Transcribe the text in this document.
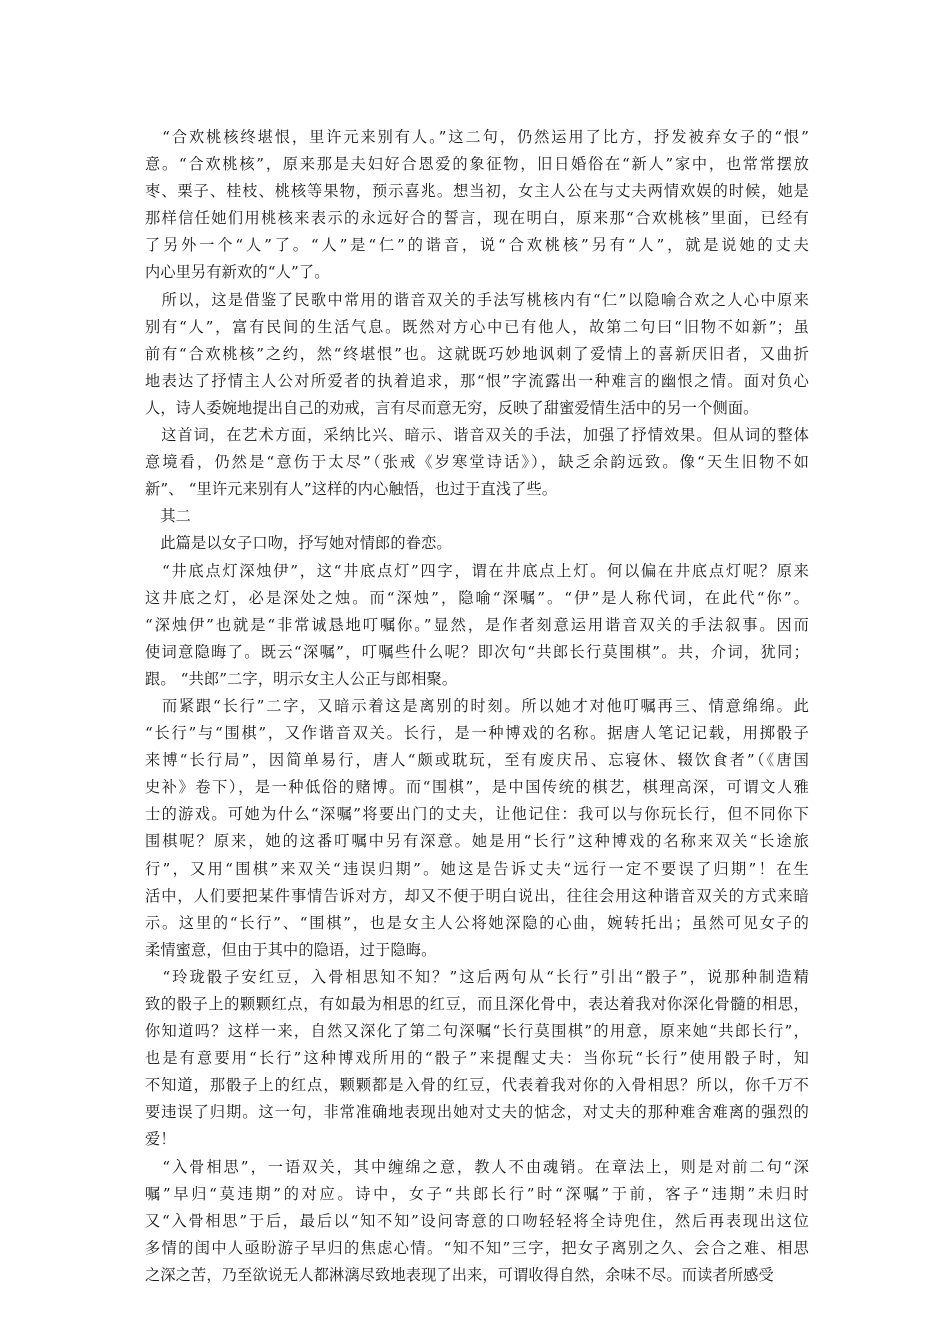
　“合欢桃核终堪恨，里许元来别有人。”这二句，仍然运用了比方，抒发被弃女子的“恨”
意。“合欢桃核”，原来那是夫妇好合恩爱的象征物，旧日婚俗在“新人”家中，也常常摆放
枣、栗子、桂枝、桃核等果物，预示喜兆。想当初，女主人公在与丈夫两情欢娱的时候，她是
那样信任她们用桃核来表示的永远好合的誓言，现在明白，原来那“合欢桃核”里面，已经有
了另外一个“人”了。“人”是“仁”的谐音，说“合欢桃核”另有“人”，就是说她的丈夫
内心里另有新欢的“人”了。
　所以，这是借鉴了民歌中常用的谐音双关的手法写桃核内有“仁”以隐喻合欢之人心中原来
别有“人”，富有民间的生活气息。既然对方心中已有他人，故第二句曰“旧物不如新”；虽
前有“合欢桃核”之约，然“终堪恨”也。这就既巧妙地讽刺了爱情上的喜新厌旧者，又曲折
地表达了抒情主人公对所爱者的执着追求，那“恨”字流露出一种难言的幽恨之情。面对负心
人，诗人委婉地提出自己的劝戒，言有尽而意无穷，反映了甜蜜爱情生活中的另一个侧面。
　这首词，在艺术方面，采纳比兴、暗示、谐音双关的手法，加强了抒情效果。但从词的整体
意境看，仍然是“意伤于太尽”（张戒《岁寒堂诗话》），缺乏余韵远致。像“天生旧物不如
新”、 “里许元来别有人”这样的内心触悟，也过于直浅了些。
　其二
　此篇是以女子口吻，抒写她对情郎的眷恋。
　“井底点灯深烛伊”，这“井底点灯”四字，谓在井底点上灯。何以偏在井底点灯呢？原来
这井底之灯，必是深处之烛。而“深烛”，隐喻“深嘱”。“伊”是人称代词，在此代“你”。
“深烛伊”也就是“非常诚恳地叮嘱你。”显然，是作者刻意运用谐音双关的手法叙事。因而
使词意隐晦了。既云“深嘱”，叮嘱些什么呢？即次句“共郎长行莫围棋”。共，介词，犹同；
跟。 “共郎”二字，明示女主人公正与郎相聚。
　而紧跟“长行”二字，又暗示着这是离别的时刻。所以她才对他叮嘱再三、情意绵绵。此
“长行”与“围棋”，又作谐音双关。长行，是一种博戏的名称。据唐人笔记记载，用掷骰子
来博“长行局”，因简单易行，唐人“颇或耽玩，至有废庆吊、忘寝休、辍饮食者”（《唐国
史补》卷下），是一种低俗的赌博。而“围棋”，是中国传统的棋艺，棋理高深，可谓文人雅
士的游戏。可她为什么“深嘱”将要出门的丈夫，让他记住：我可以与你玩长行，但不同你下
围棋呢？原来，她的这番叮嘱中另有深意。她是用“长行”这种博戏的名称来双关“长途旅
行”，又用“围棋”来双关“违误归期”。她这是告诉丈夫“远行一定不要误了归期”！在生
活中，人们要把某件事情告诉对方，却又不便于明白说出，往往会用这种谐音双关的方式来暗
示。这里的“长行”、“围棋”，也是女主人公将她深隐的心曲，婉转托出；虽然可见女子的
柔情蜜意，但由于其中的隐语，过于隐晦。
　“玲珑骰子安红豆，入骨相思知不知？”这后两句从“长行”引出“骰子”，说那种制造精
致的骰子上的颗颗红点，有如最为相思的红豆，而且深化骨中，表达着我对你深化骨髓的相思，
你知道吗？这样一来，自然又深化了第二句深嘱“长行莫围棋”的用意，原来她“共郎长行”，
也是有意要用“长行”这种博戏所用的“骰子”来提醒丈夫：当你玩“长行”使用骰子时，知
不知道，那骰子上的红点，颗颗都是入骨的红豆，代表着我对你的入骨相思？所以，你千万不
要违误了归期。这一句，非常准确地表现出她对丈夫的惦念，对丈夫的那种难舍难离的强烈的
爱！
　“入骨相思”，一语双关，其中缠绵之意，教人不由魂销。在章法上，则是对前二句“深
嘱”早归“莫违期”的对应。诗中，女子“共郎长行”时“深嘱”于前，客子“违期”未归时
又“入骨相思”于后，最后以“知不知”设问寄意的口吻轻轻将全诗兜住，然后再表现出这位
多情的闺中人亟盼游子早归的焦虑心情。“知不知”三字，把女子离别之久、会合之难、相思
之深之苦，乃至欲说无人都淋漓尽致地表现了出来，可谓收得自然，余味不尽。而读者所感受
